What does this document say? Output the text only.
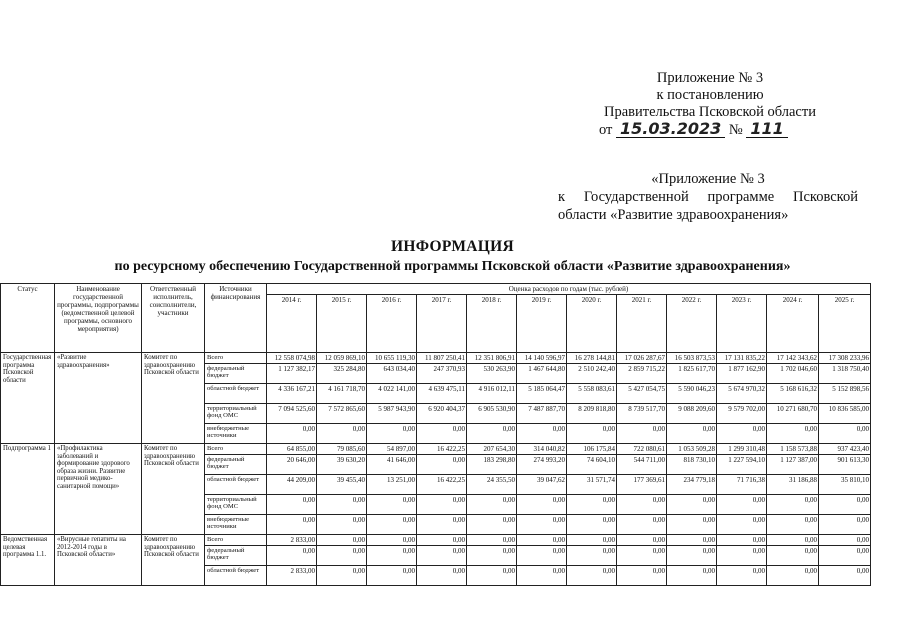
Приложение № 3
к постановлению
Правительства Псковской области
от 15.03.2023 № 111
«Приложение № 3
к Государственной программе Псковской
области «Развитие здравоохранения»
ИНФОРМАЦИЯ
по ресурсному обеспечению Государственной программы Псковской области «Развитие здравоохранения»
Статус	Наименование государственной программы, подпрограммы (ведомственной целевой программы, основного мероприятия)	Ответственный исполнитель, соисполнители, участники	Источники финансирования	Оценка расходов по годам (тыс. рублей)											
				2014 г.	2015 г.	2016 г.	2017 г.	2018 г.	2019 г.	2020 г.	2021 г.	2022 г.	2023 г.	2024 г.	2025 г.
Государственная программа Псковской области	«Развитие здравоохранения»	Комитет по здравоохранению Псковской области	Всего	12 558 074,98	12 059 869,10	10 655 119,30	11 807 250,41	12 351 806,91	14 140 596,97	16 278 144,81	17 026 287,67	16 503 873,53	17 131 835,22	17 142 343,62	17 308 233,96
			федеральный бюджет	1 127 382,17	325 284,80	643 034,40	247 370,93	530 263,90	1 467 644,80	2 510 242,40	2 859 715,22	1 825 617,70	1 877 162,90	1 702 046,60	1 318 750,40
			областной бюджет	4 336 167,21	4 161 718,70	4 022 141,00	4 639 475,11	4 916 012,11	5 185 064,47	5 558 083,61	5 427 054,75	5 590 046,23	5 674 970,32	5 168 616,32	5 152 898,56
			территориальный фонд ОМС	7 094 525,60	7 572 865,60	5 987 943,90	6 920 404,37	6 905 530,90	7 487 887,70	8 209 818,80	8 739 517,70	9 088 209,60	9 579 702,00	10 271 680,70	10 836 585,00
			внебюджетные источники	0,00	0,00	0,00	0,00	0,00	0,00	0,00	0,00	0,00	0,00	0,00	0,00
Подпрограмма 1	«Профилактика заболеваний и формирование здорового образа жизни. Развитие первичной медико-санитарной помощи»	Комитет по здравоохранению Псковской области	Всего	64 855,00	79 085,60	54 897,00	16 422,25	207 654,30	314 040,82	106 175,84	722 080,61	1 053 509,28	1 299 310,48	1 158 573,88	937 423,40
			федеральный бюджет	20 646,00	39 630,20	41 646,00	0,00	183 298,80	274 993,20	74 604,10	544 711,00	818 730,10	1 227 594,10	1 127 387,00	901 613,30
			областной бюджет	44 209,00	39 455,40	13 251,00	16 422,25	24 355,50	39 047,62	31 571,74	177 369,61	234 779,18	71 716,38	31 186,88	35 810,10
			территориальный фонд ОМС	0,00	0,00	0,00	0,00	0,00	0,00	0,00	0,00	0,00	0,00	0,00	0,00
			внебюджетные источники	0,00	0,00	0,00	0,00	0,00	0,00	0,00	0,00	0,00	0,00	0,00	0,00
Ведомственная целевая программа 1.1.	«Вирусные гепатиты на 2012-2014 годы в Псковской области»	Комитет по здравоохранению Псковской области	Всего	2 833,00	0,00	0,00	0,00	0,00	0,00	0,00	0,00	0,00	0,00	0,00	0,00
			федеральный бюджет	0,00	0,00	0,00	0,00	0,00	0,00	0,00	0,00	0,00	0,00	0,00	0,00
			областной бюджет	2 833,00	0,00	0,00	0,00	0,00	0,00	0,00	0,00	0,00	0,00	0,00	0,00
